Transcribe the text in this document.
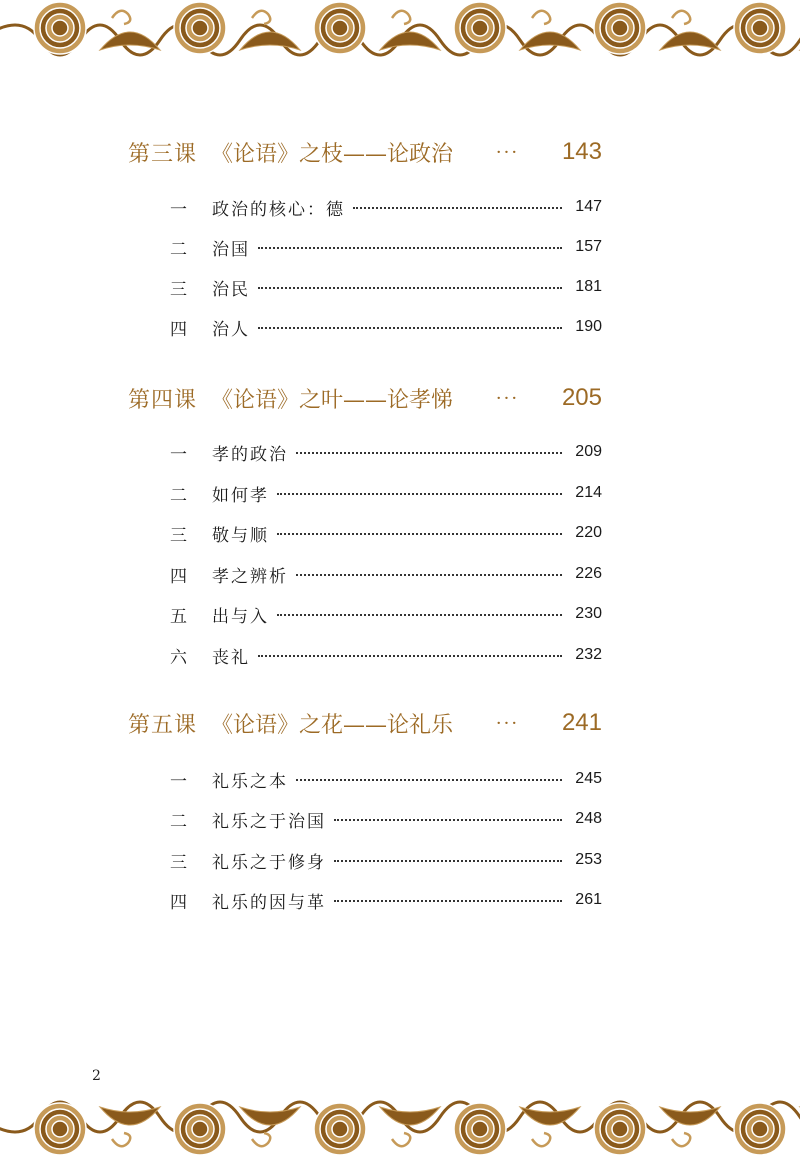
第三课 《论语》之枝——论政治	···	143
一	政治的核心：德	147
二	治国	157
三	治民	181
四	治人	190
第四课 《论语》之叶——论孝悌	···	205
一	孝的政治	209
二	如何孝	214
三	敬与顺	220
四	孝之辨析	226
五	出与入	230
六	丧礼	232
第五课 《论语》之花——论礼乐	···	241
一	礼乐之本	245
二	礼乐之于治国	248
三	礼乐之于修身	253
四	礼乐的因与革	261
2
